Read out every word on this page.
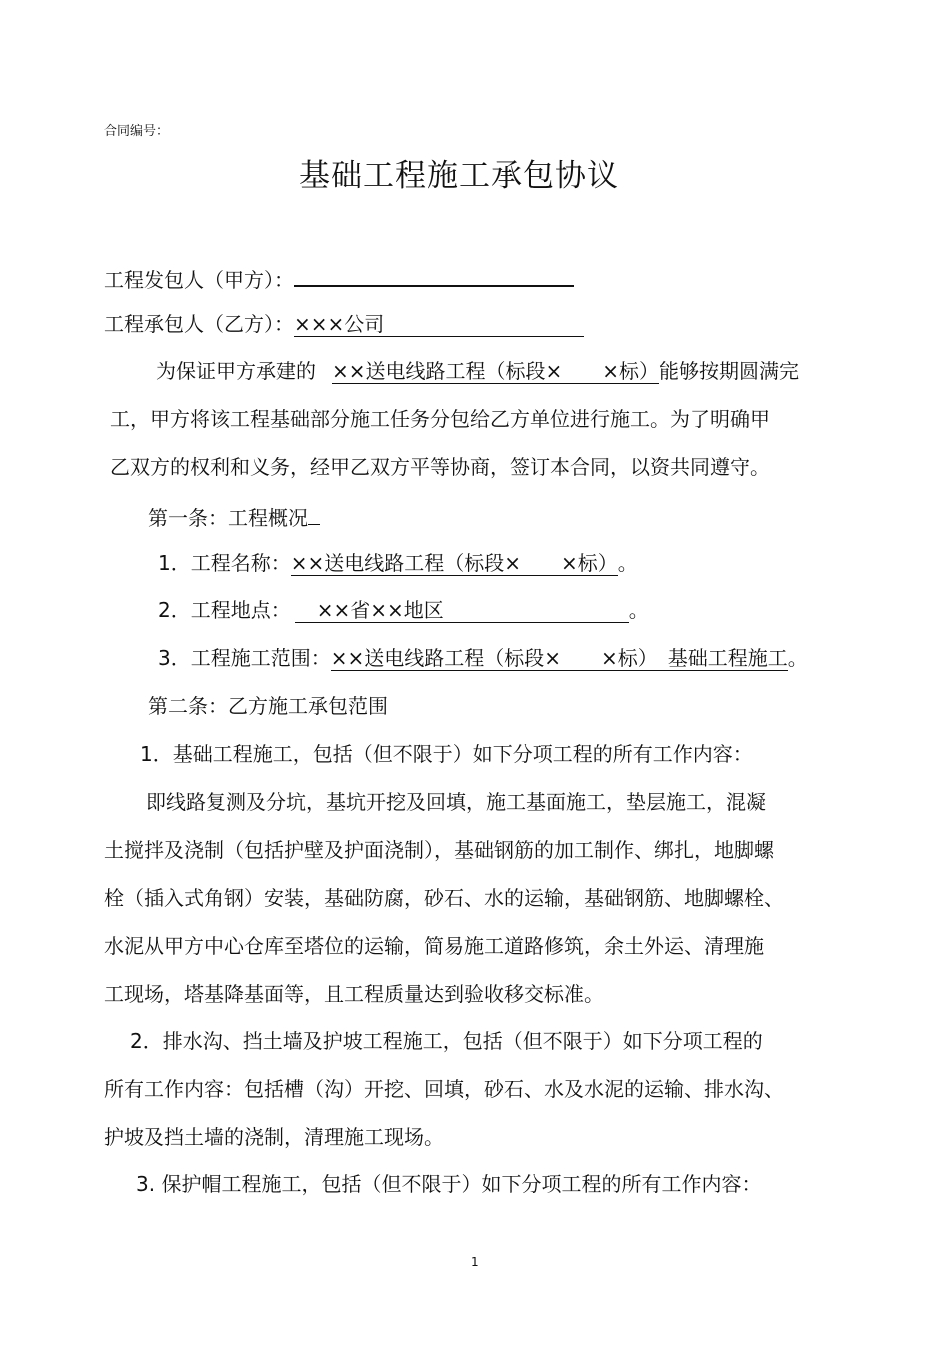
合同编号：
基础工程施工承包协议
工程发包人（甲方）：
工程承包人（乙方）：×××公司
为保证甲方承建的 ××送电线路工程（标段×　　×标）能够按期圆满完
工，甲方将该工程基础部分施工任务分包给乙方单位进行施工。为了明确甲
乙双方的权利和义务，经甲乙双方平等协商，签订本合同，以资共同遵守。
第一条：工程概况
1．工程名称：××送电线路工程（标段×　　×标）。
2．工程地点： ××省××地区	。
3．工程施工范围：××送电线路工程（标段×　　×标）　基础工程施工。
第二条：乙方施工承包范围
1．基础工程施工，包括（但不限于）如下分项工程的所有工作内容：
即线路复测及分坑，基坑开挖及回填，施工基面施工，垫层施工，混凝
土搅拌及浇制（包括护壁及护面浇制），基础钢筋的加工制作、绑扎，地脚螺
栓（插入式角钢）安装，基础防腐，砂石、水的运输，基础钢筋、地脚螺栓、
水泥从甲方中心仓库至塔位的运输，简易施工道路修筑，余土外运、清理施
工现场，塔基降基面等，且工程质量达到验收移交标准。
2．排水沟、挡土墙及护坡工程施工，包括（但不限于）如下分项工程的
所有工作内容：包括槽（沟）开挖、回填，砂石、水及水泥的运输、排水沟、
护坡及挡土墙的浇制，清理施工现场。
3. 保护帽工程施工，包括（但不限于）如下分项工程的所有工作内容：
1
